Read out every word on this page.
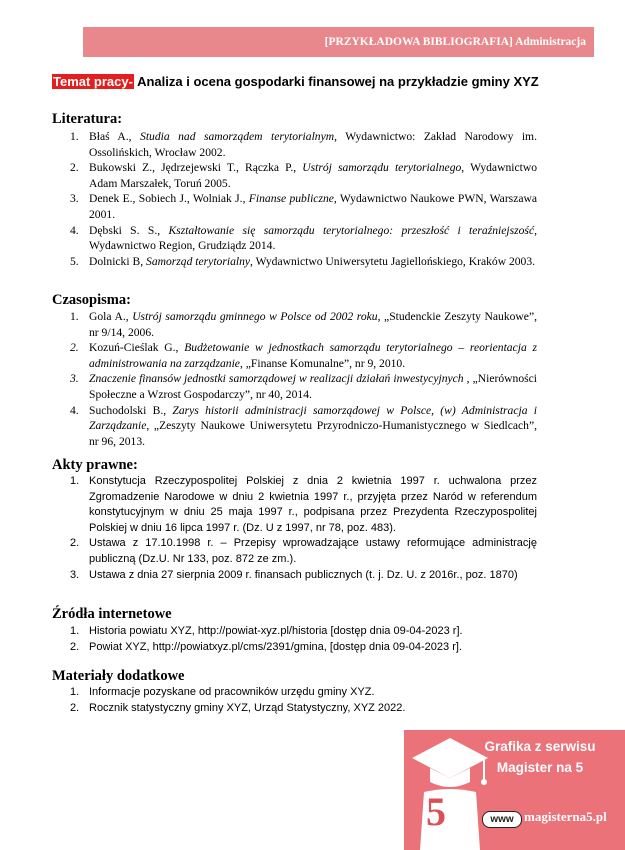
[PRZYKŁADOWA BIBLIOGRAFIA] Administracja
Temat pracy- Analiza i ocena gospodarki finansowej na przykładzie gminy XYZ
Literatura:
1. Błaś A., Studia nad samorządem terytorialnym, Wydawnictwo: Zakład Narodowy im. Ossolińskich, Wrocław 2002.
2. Bukowski Z., Jędrzejewski T., Rączka P., Ustrój samorządu terytorialnego, Wydawnictwo Adam Marszałek, Toruń 2005.
3. Denek E., Sobiech J., Wolniak J., Finanse publiczne, Wydawnictwo Naukowe PWN, Warszawa 2001.
4. Dębski S. S., Kształtowanie się samorządu terytorialnego: przeszłość i teraźniejszość, Wydawnictwo Region, Grudziądz 2014.
5. Dolnicki B, Samorząd terytorialny, Wydawnictwo Uniwersytetu Jagiellońskiego, Kraków 2003.
Czasopisma:
1. Gola A., Ustrój samorządu gminnego w Polsce od 2002 roku, „Studenckie Zeszyty Naukowe”, nr 9/14, 2006.
2. Kozuń-Cieślak G., Budżetowanie w jednostkach samorządu terytorialnego – reorientacja z administrowania na zarządzanie, „Finanse Komunalne”, nr 9, 2010.
3. Znaczenie finansów jednostki samorządowej w realizacji działań inwestycyjnych , „Nierówności Społeczne a Wzrost Gospodarczy”, nr 40, 2014.
4. Suchodolski B., Zarys historii administracji samorządowej w Polsce, (w) Administracja i Zarządzanie, „Zeszyty Naukowe Uniwersytetu Przyrodniczo-Humanistycznego w Siedlcach”, nr 96, 2013.
Akty prawne:
1. Konstytucja Rzeczypospolitej Polskiej z dnia 2 kwietnia 1997 r. uchwalona przez Zgromadzenie Narodowe w dniu 2 kwietnia 1997 r., przyjęta przez Naród w referendum konstytucyjnym w dniu 25 maja 1997 r., podpisana przez Prezydenta Rzeczypospolitej Polskiej w dniu 16 lipca 1997 r. (Dz. U z 1997, nr 78, poz. 483).
2. Ustawa z 17.10.1998 r. – Przepisy wprowadzające ustawy reformujące administrację publiczną (Dz.U. Nr 133, poz. 872 ze zm.).
3. Ustawa z dnia 27 sierpnia 2009 r. finansach publicznych (t. j. Dz. U. z 2016r., poz. 1870)
Źródła internetowe
1. Historia powiatu XYZ, http://powiat-xyz.pl/historia [dostęp dnia 09-04-2023 r].
2. Powiat XYZ, http://powiatxyz.pl/cms/2391/gmina, [dostęp dnia 09-04-2023 r].
Materiały dodatkowe
1. Informacje pozyskane od pracowników urzędu gminy XYZ.
2. Rocznik statystyczny gminy XYZ, Urząd Statystyczny, XYZ 2022.
5
Grafika z serwisu
Magister na 5
www magisterna5.pl
